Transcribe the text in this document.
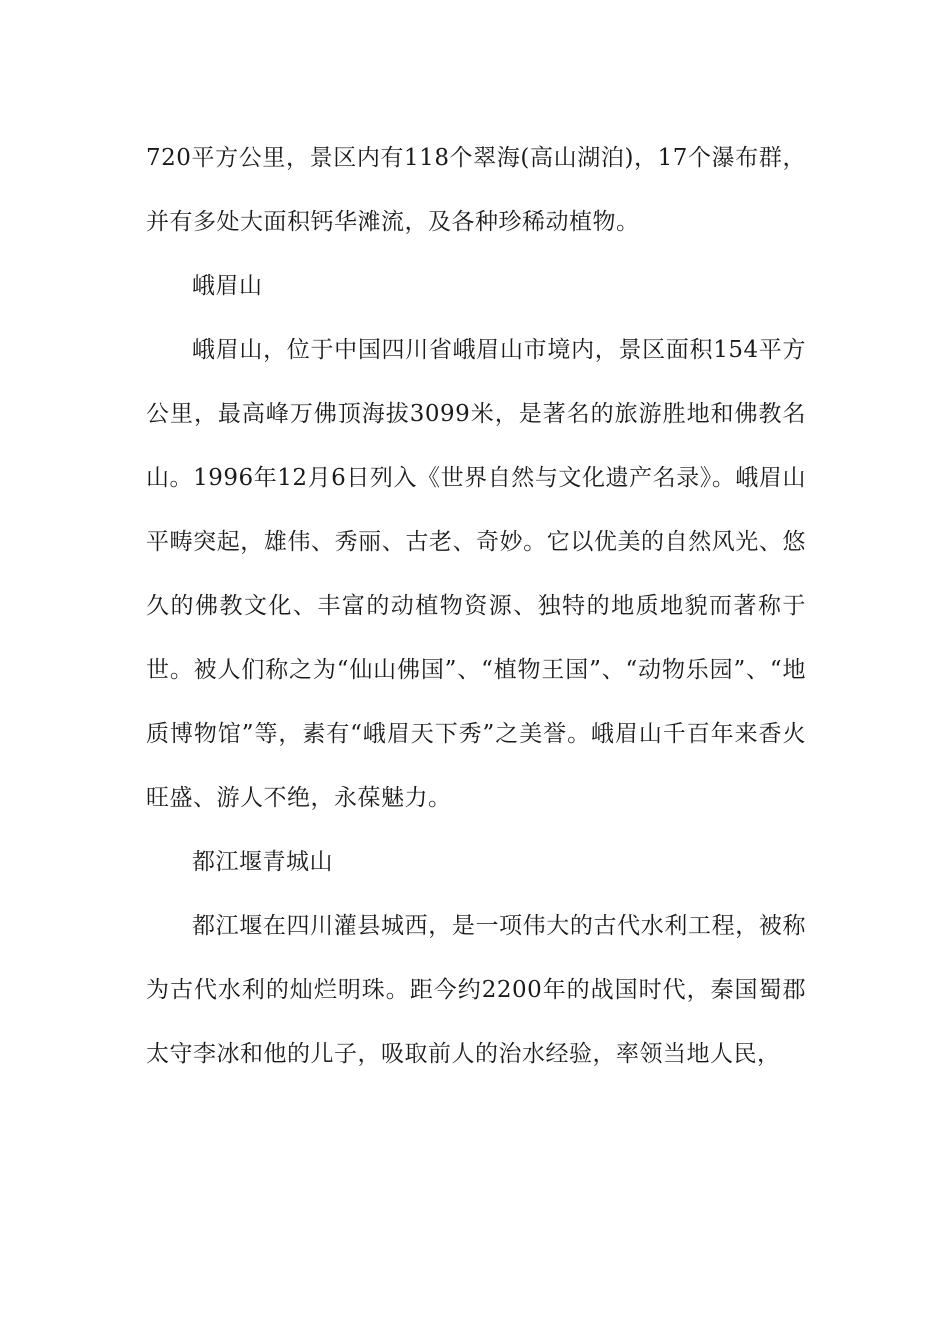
720平方公里，景区内有118个翠海(高山湖泊)，17个瀑布群，并有多处大面积钙华滩流，及各种珍稀动植物。

峨眉山

峨眉山，位于中国四川省峨眉山市境内，景区面积154平方公里，最高峰万佛顶海拔3099米，是著名的旅游胜地和佛教名山。1996年12月6日列入《世界自然与文化遗产名录》。峨眉山平畴突起，雄伟、秀丽、古老、奇妙。它以优美的自然风光、悠久的佛教文化、丰富的动植物资源、独特的地质地貌而著称于世。被人们称之为“仙山佛国”、“植物王国”、“动物乐园”、“地质博物馆”等，素有“峨眉天下秀”之美誉。峨眉山千百年来香火旺盛、游人不绝，永葆魅力。

都江堰青城山

都江堰在四川灌县城西，是一项伟大的古代水利工程，被称为古代水利的灿烂明珠。距今约2200年的战国时代，秦国蜀郡太守李冰和他的儿子，吸取前人的治水经验，率领当地人民，
